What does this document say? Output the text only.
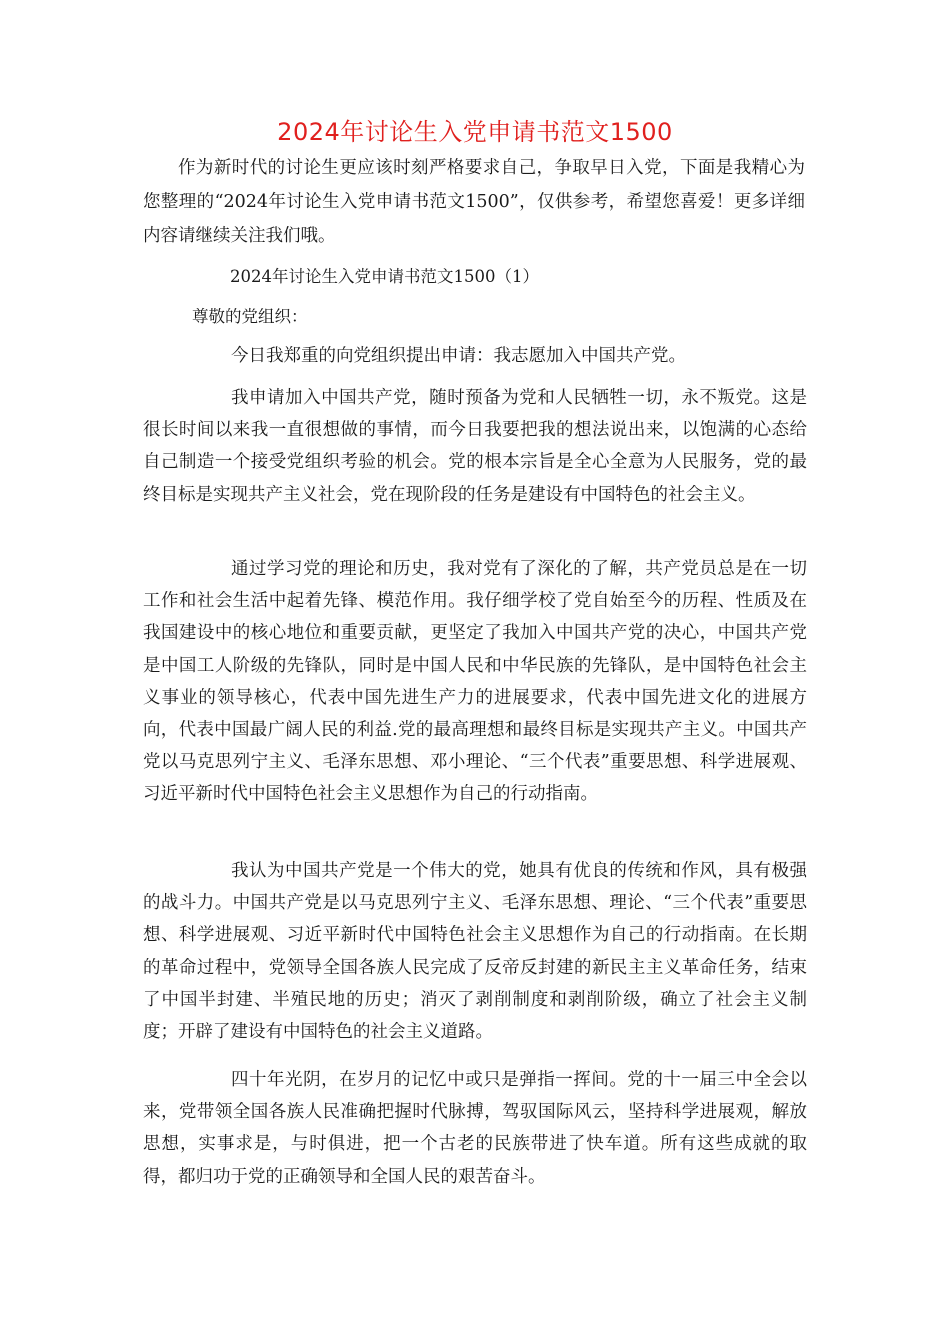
2024年讨论生入党申请书范文1500

作为新时代的讨论生更应该时刻严格要求自己，争取早日入党，下面是我精心为您整理的“2024年讨论生入党申请书范文1500”，仅供参考，希望您喜爱！更多详细内容请继续关注我们哦。

2024年讨论生入党申请书范文1500（1）

尊敬的党组织：

今日我郑重的向党组织提出申请：我志愿加入中国共产党。

我申请加入中国共产党，随时预备为党和人民牺牲一切，永不叛党。这是很长时间以来我一直很想做的事情，而今日我要把我的想法说出来，以饱满的心态给自己制造一个接受党组织考验的机会。党的根本宗旨是全心全意为人民服务，党的最终目标是实现共产主义社会，党在现阶段的任务是建设有中国特色的社会主义。

通过学习党的理论和历史，我对党有了深化的了解，共产党员总是在一切工作和社会生活中起着先锋、模范作用。我仔细学校了党自始至今的历程、性质及在我国建设中的核心地位和重要贡献，更坚定了我加入中国共产党的决心，中国共产党是中国工人阶级的先锋队，同时是中国人民和中华民族的先锋队，是中国特色社会主义事业的领导核心，代表中国先进生产力的进展要求，代表中国先进文化的进展方向，代表中国最广阔人民的利益.党的最高理想和最终目标是实现共产主义。中国共产党以马克思列宁主义、毛泽东思想、邓小理论、“三个代表”重要思想、科学进展观、习近平新时代中国特色社会主义思想作为自己的行动指南。

我认为中国共产党是一个伟大的党，她具有优良的传统和作风，具有极强的战斗力。中国共产党是以马克思列宁主义、毛泽东思想、理论、“三个代表”重要思想、科学进展观、习近平新时代中国特色社会主义思想作为自己的行动指南。在长期的革命过程中，党领导全国各族人民完成了反帝反封建的新民主主义革命任务，结束了中国半封建、半殖民地的历史；消灭了剥削制度和剥削阶级，确立了社会主义制度；开辟了建设有中国特色的社会主义道路。

四十年光阴，在岁月的记忆中或只是弹指一挥间。党的十一届三中全会以来，党带领全国各族人民准确把握时代脉搏，驾驭国际风云，坚持科学进展观，解放思想，实事求是，与时俱进，把一个古老的民族带进了快车道。所有这些成就的取得，都归功于党的正确领导和全国人民的艰苦奋斗。
